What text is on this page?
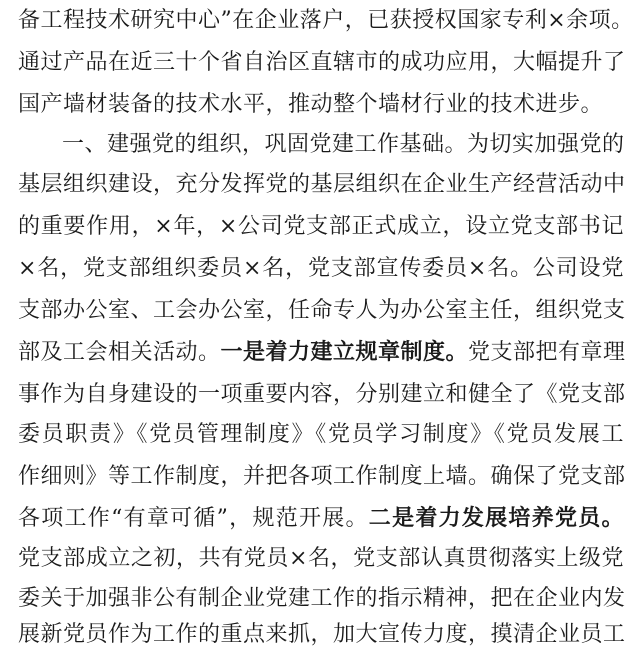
备工程技术研究中心”在企业落户，已获授权国家专利×余项。
通过产品在近三十个省自治区直辖市的成功应用，大幅提升了
国产墙材装备的技术水平，推动整个墙材行业的技术进步。
一、建强党的组织，巩固党建工作基础。为切实加强党的
基层组织建设，充分发挥党的基层组织在企业生产经营活动中
的重要作用，×年，×公司党支部正式成立，设立党支部书记
×名，党支部组织委员×名，党支部宣传委员×名。公司设党
支部办公室、工会办公室，任命专人为办公室主任，组织党支
部及工会相关活动。一是着力建立规章制度。党支部把有章理
事作为自身建设的一项重要内容，分别建立和健全了《党支部
委员职责》《党员管理制度》《党员学习制度》《党员发展工
作细则》等工作制度，并把各项工作制度上墙。确保了党支部
各项工作“有章可循”，规范开展。二是着力发展培养党员。
党支部成立之初，共有党员×名，党支部认真贯彻落实上级党
委关于加强非公有制企业党建工作的指示精神，把在企业内发
展新党员作为工作的重点来抓，加大宣传力度，摸清企业员工
